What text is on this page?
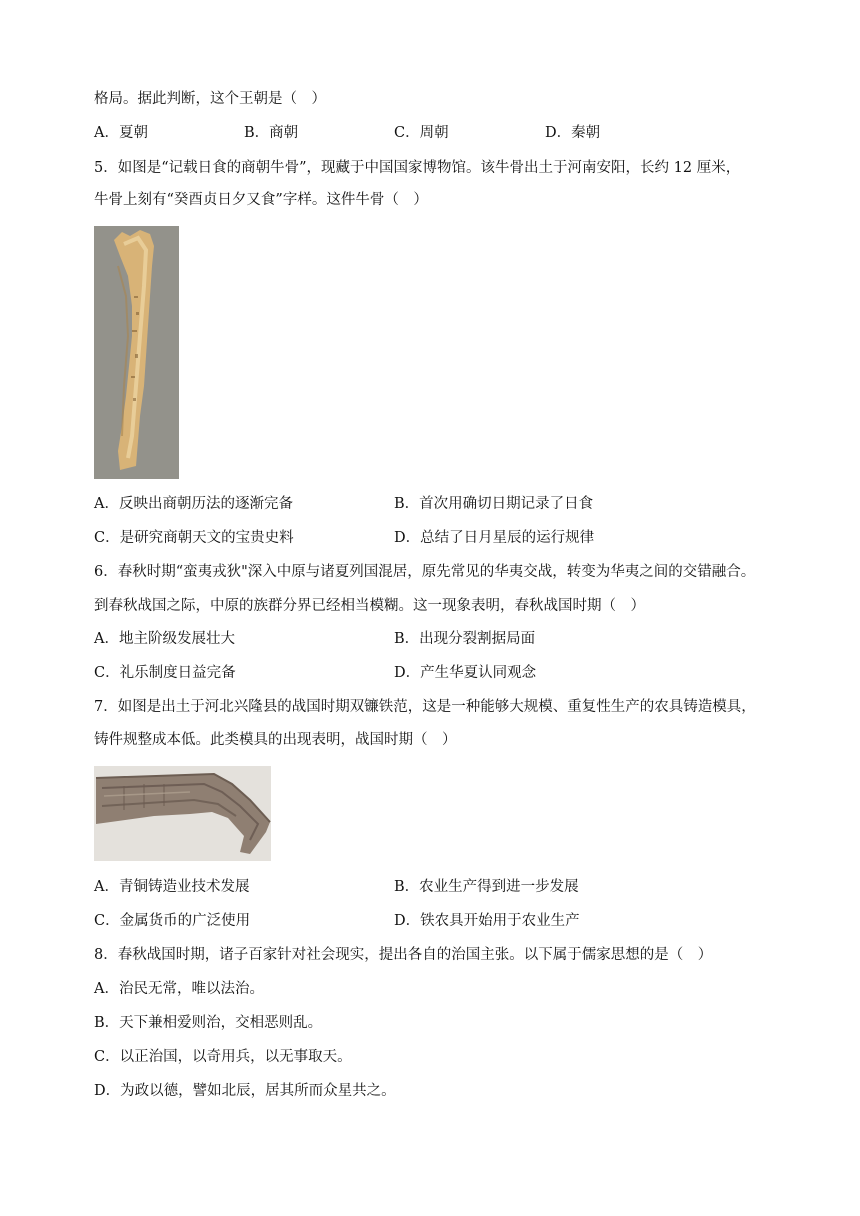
格局。据此判断，这个王朝是（　）
A．夏朝	B．商朝	C．周朝	D．秦朝
5．如图是“记载日食的商朝牛骨”，现藏于中国国家博物馆。该牛骨出土于河南安阳，长约 12 厘米，
牛骨上刻有“癸酉贞日夕又食”字样。这件牛骨（　）
A．反映出商朝历法的逐渐完备	B．首次用确切日期记录了日食
C．是研究商朝天文的宝贵史料	D．总结了日月星辰的运行规律
6．春秋时期“蛮夷戎狄"深入中原与诸夏列国混居，原先常见的华夷交战，转变为华夷之间的交错融合。
到春秋战国之际，中原的族群分界已经相当模糊。这一现象表明，春秋战国时期（　）
A．地主阶级发展壮大	B．出现分裂割据局面
C．礼乐制度日益完备	D．产生华夏认同观念
7．如图是出土于河北兴隆县的战国时期双镰铁范，这是一种能够大规模、重复性生产的农具铸造模具，
铸件规整成本低。此类模具的出现表明，战国时期（　）
A．青铜铸造业技术发展	B．农业生产得到进一步发展
C．金属货币的广泛使用	D．铁农具开始用于农业生产
8．春秋战国时期，诸子百家针对社会现实，提出各自的治国主张。以下属于儒家思想的是（　）
A．治民无常，唯以法治。
B．天下兼相爱则治，交相恶则乱。
C．以正治国，以奇用兵，以无事取天。
D．为政以德，譬如北辰，居其所而众星共之。
